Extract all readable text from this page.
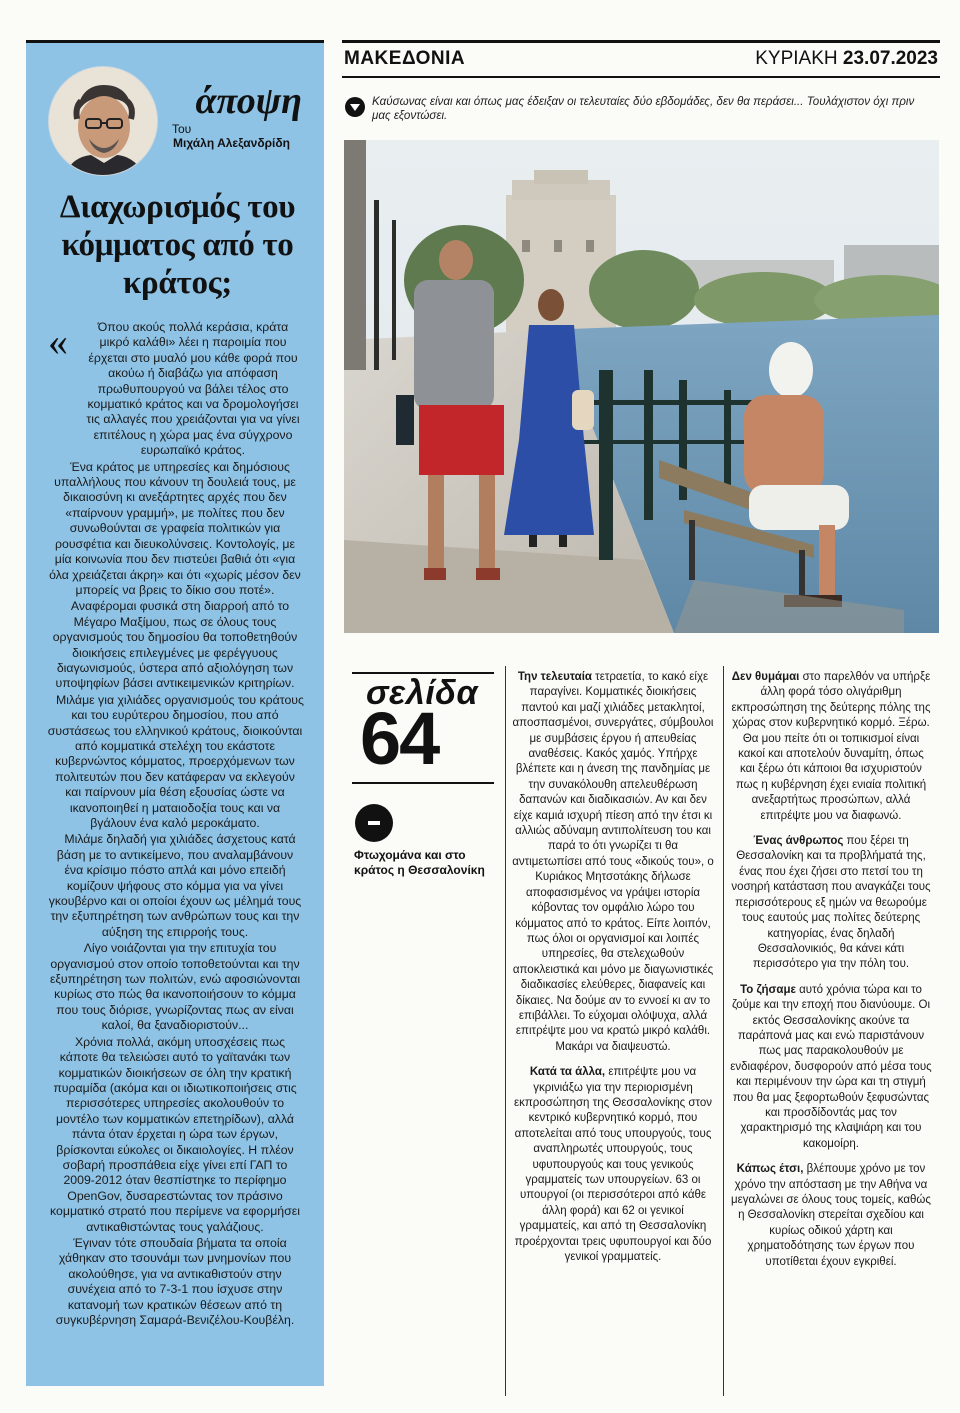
άποψη
Του
Μιχάλη Αλεξανδρίδη
Διαχωρισμός του κόμματος από το κράτος;
«	Όπου ακούς πολλά κεράσια, κράτα μικρό καλάθι» λέει η παροιμία που έρχεται στο μυαλό μου κάθε φορά που ακούω ή διαβάζω για απόφαση πρωθυπουργού να βάλει τέλος στο κομματικό κράτος και να δρομολογήσει τις αλλαγές που χρειάζονται για να γίνει επιτέλους η χώρα μας ένα σύγχρονο ευρωπαϊκό κράτος.

Ένα κράτος με υπηρεσίες και δημόσιους υπαλλήλους που κάνουν τη δουλειά τους, με δικαιοσύνη κι ανεξάρτητες αρχές που δεν «παίρνουν γραμμή», με πολίτες που δεν συνωθούνται σε γραφεία πολιτικών για ρουσφέτια και διευκολύνσεις. Κοντολογίς, με μία κοινωνία που δεν πιστεύει βαθιά ότι «για όλα χρειάζεται άκρη» και ότι «χωρίς μέσον δεν μπορείς να βρεις το δίκιο σου ποτέ».

Αναφέρομαι φυσικά στη διαρροή από το Μέγαρο Μαξίμου, πως σε όλους τους οργανισμούς του δημοσίου θα τοποθετηθούν διοικήσεις επιλεγμένες με φερέγγυους διαγωνισμούς, ύστερα από αξιολόγηση των υποψηφίων βάσει αντικειμενικών κριτηρίων.

Μιλάμε για χιλιάδες οργανισμούς του κράτους και του ευρύτερου δημοσίου, που από συστάσεως του ελληνικού κράτους, διοικούνται από κομματικά στελέχη του εκάστοτε κυβερνώντος κόμματος, προερχόμενων των πολιτευτών που δεν κατάφεραν να εκλεγούν και παίρνουν μία θέση εξουσίας ώστε να ικανοποιηθεί η ματαιοδοξία τους και να βγάλουν ένα καλό μεροκάματο.

Μιλάμε δηλαδή για χιλιάδες άσχετους κατά βάση με το αντικείμενο, που αναλαμβάνουν ένα κρίσιμο πόστο απλά και μόνο επειδή κομίζουν ψήφους στο κόμμα για να γίνει γκουβέρνο και οι οποίοι έχουν ως μέλημά τους την εξυπηρέτηση των ανθρώπων τους και την αύξηση της επιρροής τους.

Λίγο νοιάζονται για την επιτυχία του οργανισμού στον οποίο τοποθετούνται και την εξυπηρέτηση των πολιτών, ενώ αφοσιώνονται κυρίως στο πώς θα ικανοποιήσουν το κόμμα που τους διόρισε, γνωρίζοντας πως αν είναι καλοί, θα ξαναδιοριστούν...

Χρόνια πολλά, ακόμη υποσχέσεις πως κάποτε θα τελειώσει αυτό το γαϊτανάκι των κομματικών διοικήσεων σε όλη την κρατική πυραμίδα (ακόμα και οι ιδιωτικοποιήσεις στις περισσότερες υπηρεσίες ακολουθούν το μοντέλο των κομματικών επετηρίδων), αλλά πάντα όταν έρχεται η ώρα των έργων, βρίσκονται εύκολες οι δικαιολογίες. Η πλέον σοβαρή προσπάθεια είχε γίνει επί ΓΑΠ το 2009-2012 όταν θεσπίστηκε το περίφημο OpenGov, δυσαρεστώντας τον πράσινο κομματικό στρατό που περίμενε να εφορμήσει αντικαθιστώντας τους γαλάζιους.

Έγιναν τότε σπουδαία βήματα τα οποία χάθηκαν στο τσουνάμι των μνημονίων που ακολούθησε, για να αντικαθιστούν στην συνέχεια από το 7-3-1 που ίσχυσε στην κατανομή των κρατικών θέσεων από τη συγκυβέρνηση Σαμαρά-Βενιζέλου-Κουβέλη.

ΜΑΚΕΔΟΝΙΑ	ΚΥΡΙΑΚΗ 23.07.2023
Καύσωνας είναι και όπως μας έδειξαν οι τελευταίες δύο εβδομάδες, δεν θα περάσει... Τουλάχιστον όχι πριν μας εξοντώσει.
σελίδα
64
Φτωχομάνα και στο κράτος η Θεσσαλονίκη

Την τελευταία τετραετία, το κακό είχε παραγίνει. Κομματικές διοικήσεις παντού και μαζί χιλιάδες μετακλητοί, αποσπασμένοι, συνεργάτες, σύμβουλοι με συμβάσεις έργου ή απευθείας αναθέσεις. Κακός χαμός. Υπήρχε βλέπετε και η άνεση της πανδημίας με την συνακόλουθη απελευθέρωση δαπανών και διαδικασιών. Αν και δεν είχε καμιά ισχυρή πίεση από την έτσι κι αλλιώς αδύναμη αντιπολίτευση του και παρά το ότι γνωρίζει τι θα αντιμετωπίσει από τους «δικούς του», ο Κυριάκος Μητσοτάκης δήλωσε αποφασισμένος να γράψει ιστορία κόβοντας τον ομφάλιο λώρο του κόμματος από το κράτος. Είπε λοιπόν, πως όλοι οι οργανισμοί και λοιπές υπηρεσίες, θα στελεχωθούν αποκλειστικά και μόνο με διαγωνιστικές διαδικασίες ελεύθερες, διαφανείς και δίκαιες. Να δούμε αν το εννοεί κι αν το επιβάλλει. Το εύχομαι ολόψυχα, αλλά επιτρέψτε μου να κρατώ μικρό καλάθι. Μακάρι να διαψευστώ.

Κατά τα άλλα, επιτρέψτε μου να γκρινιάξω για την περιορισμένη εκπροσώπηση της Θεσσαλονίκης στον κεντρικό κυβερνητικό κορμό, που αποτελείται από τους υπουργούς, τους αναπληρωτές υπουργούς, τους υφυπουργούς και τους γενικούς γραμματείς των υπουργείων. 63 οι υπουργοί (οι περισσότεροι από κάθε άλλη φορά) και 62 οι γενικοί γραμματείς, και από τη Θεσσαλονίκη προέρχονται τρεις υφυπουργοί και δύο γενικοί γραμματείς.

Δεν θυμάμαι στο παρελθόν να υπήρξε άλλη φορά τόσο ολιγάριθμη εκπροσώπηση της δεύτερης πόλης της χώρας στον κυβερνητικό κορμό. Ξέρω. Θα μου πείτε ότι οι τοπικισμοί είναι κακοί και αποτελούν δυναμίτη, όπως και ξέρω ότι κάποιοι θα ισχυριστούν πως η κυβέρνηση έχει ενιαία πολιτική ανεξαρτήτως προσώπων, αλλά επιτρέψτε μου να διαφωνώ.

Ένας άνθρωπος που ξέρει τη Θεσσαλονίκη και τα προβλήματά της, ένας που έχει ζήσει στο πετσί του τη νοσηρή κατάσταση που αναγκάζει τους περισσότερους εξ ημών να θεωρούμε τους εαυτούς μας πολίτες δεύτερης κατηγορίας, ένας δηλαδή Θεσσαλονικιός, θα κάνει κάτι περισσότερο για την πόλη του.

Το ζήσαμε αυτό χρόνια τώρα και το ζούμε και την εποχή που διανύουμε. Οι εκτός Θεσσαλονίκης ακούνε τα παράπονά μας και ενώ παριστάνουν πως μας παρακολουθούν με ενδιαφέρον, δυσφορούν από μέσα τους και περιμένουν την ώρα και τη στιγμή που θα μας ξεφορτωθούν ξεφυσώντας και προσδίδοντάς μας τον χαρακτηρισμό της κλαψιάρη και του κακομοίρη.

Κάπως έτσι, βλέπουμε χρόνο με τον χρόνο την απόσταση με την Αθήνα να μεγαλώνει σε όλους τους τομείς, καθώς η Θεσσαλονίκη στερείται σχεδίου και κυρίως οδικού χάρτη και χρηματοδότησης των έργων που υποτίθεται έχουν εγκριθεί.
